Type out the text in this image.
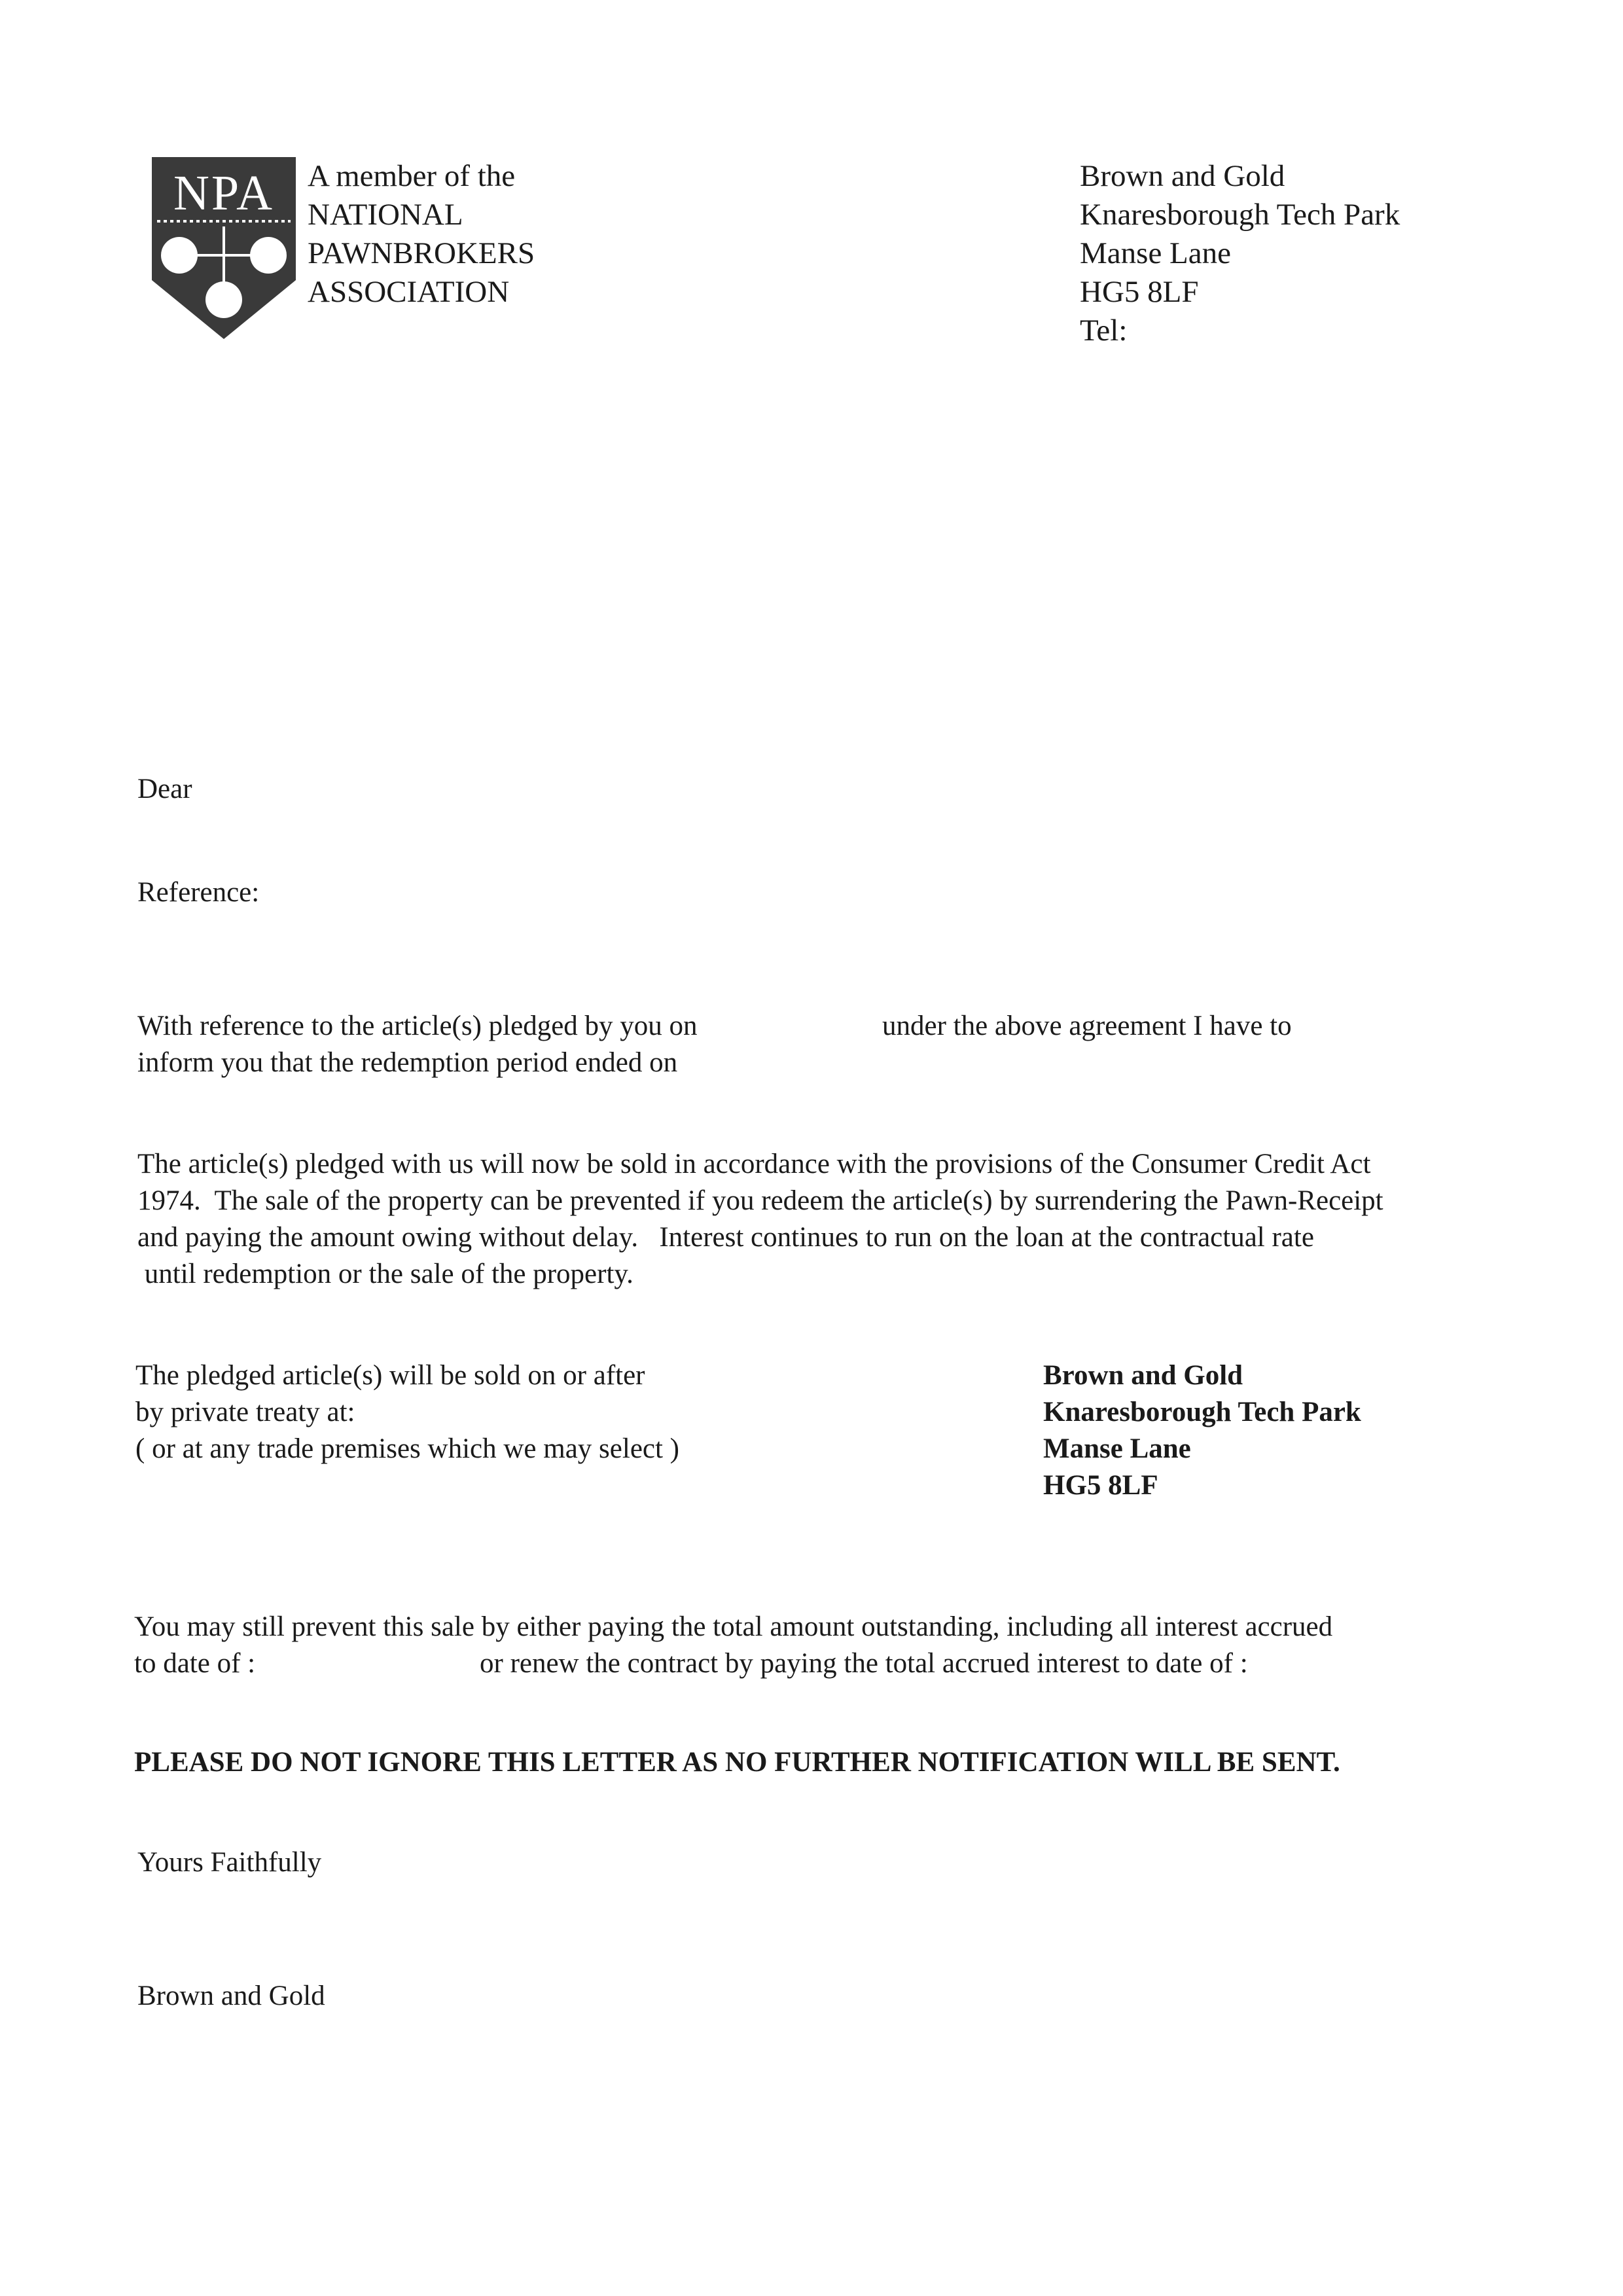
NPA A member of the
NATIONAL
PAWNBROKERS
ASSOCIATION
Brown and Gold
Knaresborough Tech Park
Manse Lane
HG5 8LF
Tel:
Dear
Reference:
With reference to the article(s) pledged by you on	under the above agreement I have to
inform you that the redemption period ended on
The article(s) pledged with us will now be sold in accordance with the provisions of the Consumer Credit Act
1974.  The sale of the property can be prevented if you redeem the article(s) by surrendering the Pawn-Receipt
and paying the amount owing without delay.   Interest continues to run on the loan at the contractual rate
until redemption or the sale of the property.
The pledged article(s) will be sold on or after
by private treaty at:
( or at any trade premises which we may select )
Brown and Gold
Knaresborough Tech Park
Manse Lane
HG5 8LF
You may still prevent this sale by either paying the total amount outstanding, including all interest accrued
to date of :	or renew the contract by paying the total accrued interest to date of :
PLEASE DO NOT IGNORE THIS LETTER AS NO FURTHER NOTIFICATION WILL BE SENT.
Yours Faithfully
Brown and Gold
